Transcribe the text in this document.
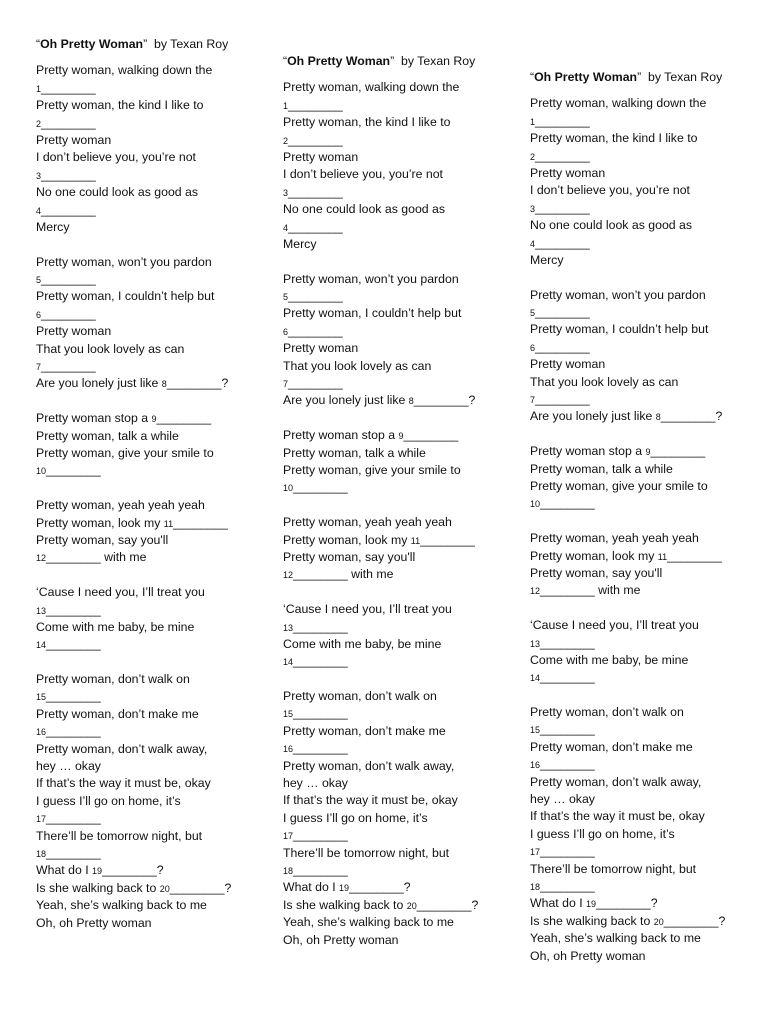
“Oh Pretty Woman”  by Texan Roy
Pretty woman, walking down the
1________
Pretty woman, the kind I like to
2________
Pretty woman
I don’t believe you, you’re not
3________
No one could look as good as
4________
Mercy
Pretty woman, won’t you pardon
5________
Pretty woman, I couldn’t help but
6________
Pretty woman
That you look lovely as can
7________
Are you lonely just like 8________?
Pretty woman stop a 9________
Pretty woman, talk a while
Pretty woman, give your smile to
10________
Pretty woman, yeah yeah yeah
Pretty woman, look my 11________
Pretty woman, say you'll
12________ with me
‘Cause I need you, I’ll treat you
13________
Come with me baby, be mine
14________
Pretty woman, don’t walk on
15________
Pretty woman, don’t make me
16________
Pretty woman, don’t walk away,
hey … okay
If that’s the way it must be, okay
I guess I’ll go on home, it’s
17________
There’ll be tomorrow night, but
18________
What do I 19________?
Is she walking back to 20________?
Yeah, she’s walking back to me
Oh, oh Pretty woman
“Oh Pretty Woman”  by Texan Roy
Pretty woman, walking down the
1________
Pretty woman, the kind I like to
2________
Pretty woman
I don’t believe you, you’re not
3________
No one could look as good as
4________
Mercy
Pretty woman, won’t you pardon
5________
Pretty woman, I couldn’t help but
6________
Pretty woman
That you look lovely as can
7________
Are you lonely just like 8________?
Pretty woman stop a 9________
Pretty woman, talk a while
Pretty woman, give your smile to
10________
Pretty woman, yeah yeah yeah
Pretty woman, look my 11________
Pretty woman, say you'll
12________ with me
‘Cause I need you, I’ll treat you
13________
Come with me baby, be mine
14________
Pretty woman, don’t walk on
15________
Pretty woman, don’t make me
16________
Pretty woman, don’t walk away,
hey … okay
If that’s the way it must be, okay
I guess I’ll go on home, it’s
17________
There’ll be tomorrow night, but
18________
What do I 19________?
Is she walking back to 20________?
Yeah, she’s walking back to me
Oh, oh Pretty woman
“Oh Pretty Woman”  by Texan Roy
Pretty woman, walking down the
1________
Pretty woman, the kind I like to
2________
Pretty woman
I don’t believe you, you’re not
3________
No one could look as good as
4________
Mercy
Pretty woman, won’t you pardon
5________
Pretty woman, I couldn’t help but
6________
Pretty woman
That you look lovely as can
7________
Are you lonely just like 8________?
Pretty woman stop a 9________
Pretty woman, talk a while
Pretty woman, give your smile to
10________
Pretty woman, yeah yeah yeah
Pretty woman, look my 11________
Pretty woman, say you'll
12________ with me
‘Cause I need you, I’ll treat you
13________
Come with me baby, be mine
14________
Pretty woman, don’t walk on
15________
Pretty woman, don’t make me
16________
Pretty woman, don’t walk away,
hey … okay
If that’s the way it must be, okay
I guess I’ll go on home, it’s
17________
There’ll be tomorrow night, but
18________
What do I 19________?
Is she walking back to 20________?
Yeah, she’s walking back to me
Oh, oh Pretty woman
